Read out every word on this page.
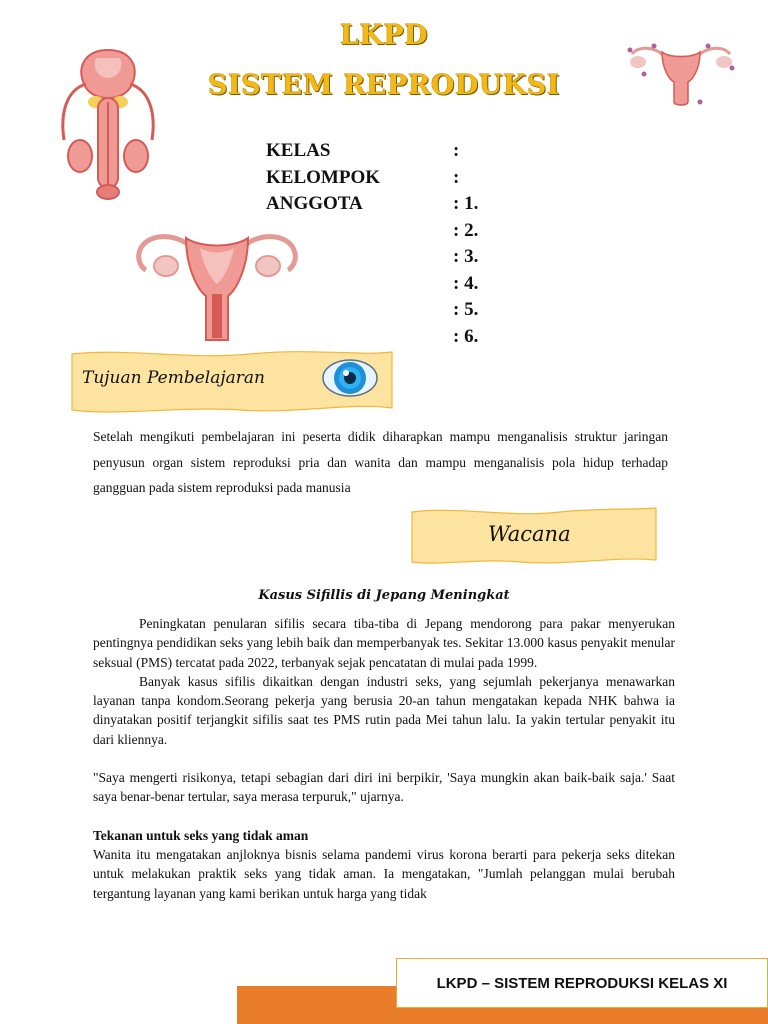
LKPD
SISTEM REPRODUKSI
KELAS	:
KELOMPOK	:
ANGGOTA	: 1.
: 2.
: 3.
: 4.
: 5.
: 6.
Tujuan Pembelajaran

Setelah mengikuti pembelajaran ini peserta didik diharapkan mampu menganalisis struktur jaringan penyusun organ sistem reproduksi pria dan wanita dan mampu menganalisis pola hidup terhadap gangguan pada sistem reproduksi pada manusia

Wacana
Kasus Sifillis di Jepang Meningkat

Peningkatan penularan sifilis secara tiba-tiba di Jepang mendorong para pakar menyerukan pentingnya pendidikan seks yang lebih baik dan memperbanyak tes. Sekitar 13.000 kasus penyakit menular seksual (PMS) tercatat pada 2022, terbanyak sejak pencatatan di mulai pada 1999.

Banyak kasus sifilis dikaitkan dengan industri seks, yang sejumlah pekerjanya menawarkan layanan tanpa kondom.Seorang pekerja yang berusia 20-an tahun mengatakan kepada NHK bahwa ia dinyatakan positif terjangkit sifilis saat tes PMS rutin pada Mei tahun lalu. Ia yakin tertular penyakit itu dari kliennya.

"Saya mengerti risikonya, tetapi sebagian dari diri ini berpikir, 'Saya mungkin akan baik-baik saja.' Saat saya benar-benar tertular, saya merasa terpuruk," ujarnya.

Tekanan untuk seks yang tidak aman

Wanita itu mengatakan anjloknya bisnis selama pandemi virus korona berarti para pekerja seks ditekan untuk melakukan praktik seks yang tidak aman. Ia mengatakan, "Jumlah pelanggan mulai berubah tergantung layanan yang kami berikan untuk harga yang tidak

LKPD – SISTEM REPRODUKSI KELAS XI
